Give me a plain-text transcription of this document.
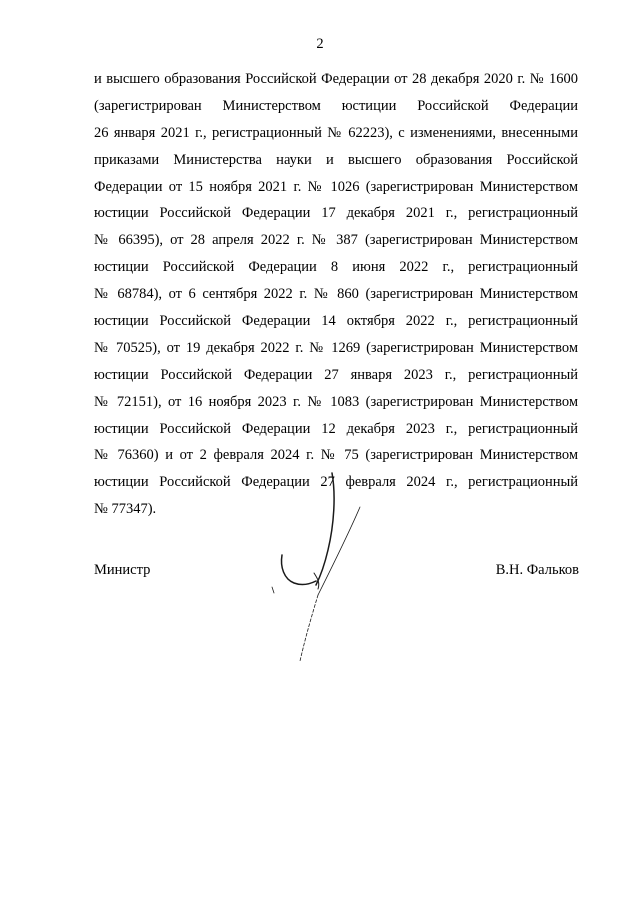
2
и высшего образования Российской Федерации от 28 декабря 2020 г. № 1600
(зарегистрирован Министерством юстиции Российской Федерации
26 января 2021 г., регистрационный № 62223), с изменениями, внесенными
приказами Министерства науки и высшего образования Российской
Федерации от 15 ноября 2021 г. № 1026 (зарегистрирован Министерством
юстиции Российской Федерации 17 декабря 2021 г., регистрационный
№ 66395), от 28 апреля 2022 г. № 387 (зарегистрирован Министерством
юстиции Российской Федерации 8 июня 2022 г., регистрационный
№ 68784), от 6 сентября 2022 г. № 860 (зарегистрирован Министерством
юстиции Российской Федерации 14 октября 2022 г., регистрационный
№ 70525), от 19 декабря 2022 г. № 1269 (зарегистрирован Министерством
юстиции Российской Федерации 27 января 2023 г., регистрационный
№ 72151), от 16 ноября 2023 г. № 1083 (зарегистрирован Министерством
юстиции Российской Федерации 12 декабря 2023 г., регистрационный
№ 76360) и от 2 февраля 2024 г. № 75 (зарегистрирован Министерством
юстиции Российской Федерации 27 февраля 2024 г., регистрационный
№ 77347).
Министр	В.Н. Фальков
